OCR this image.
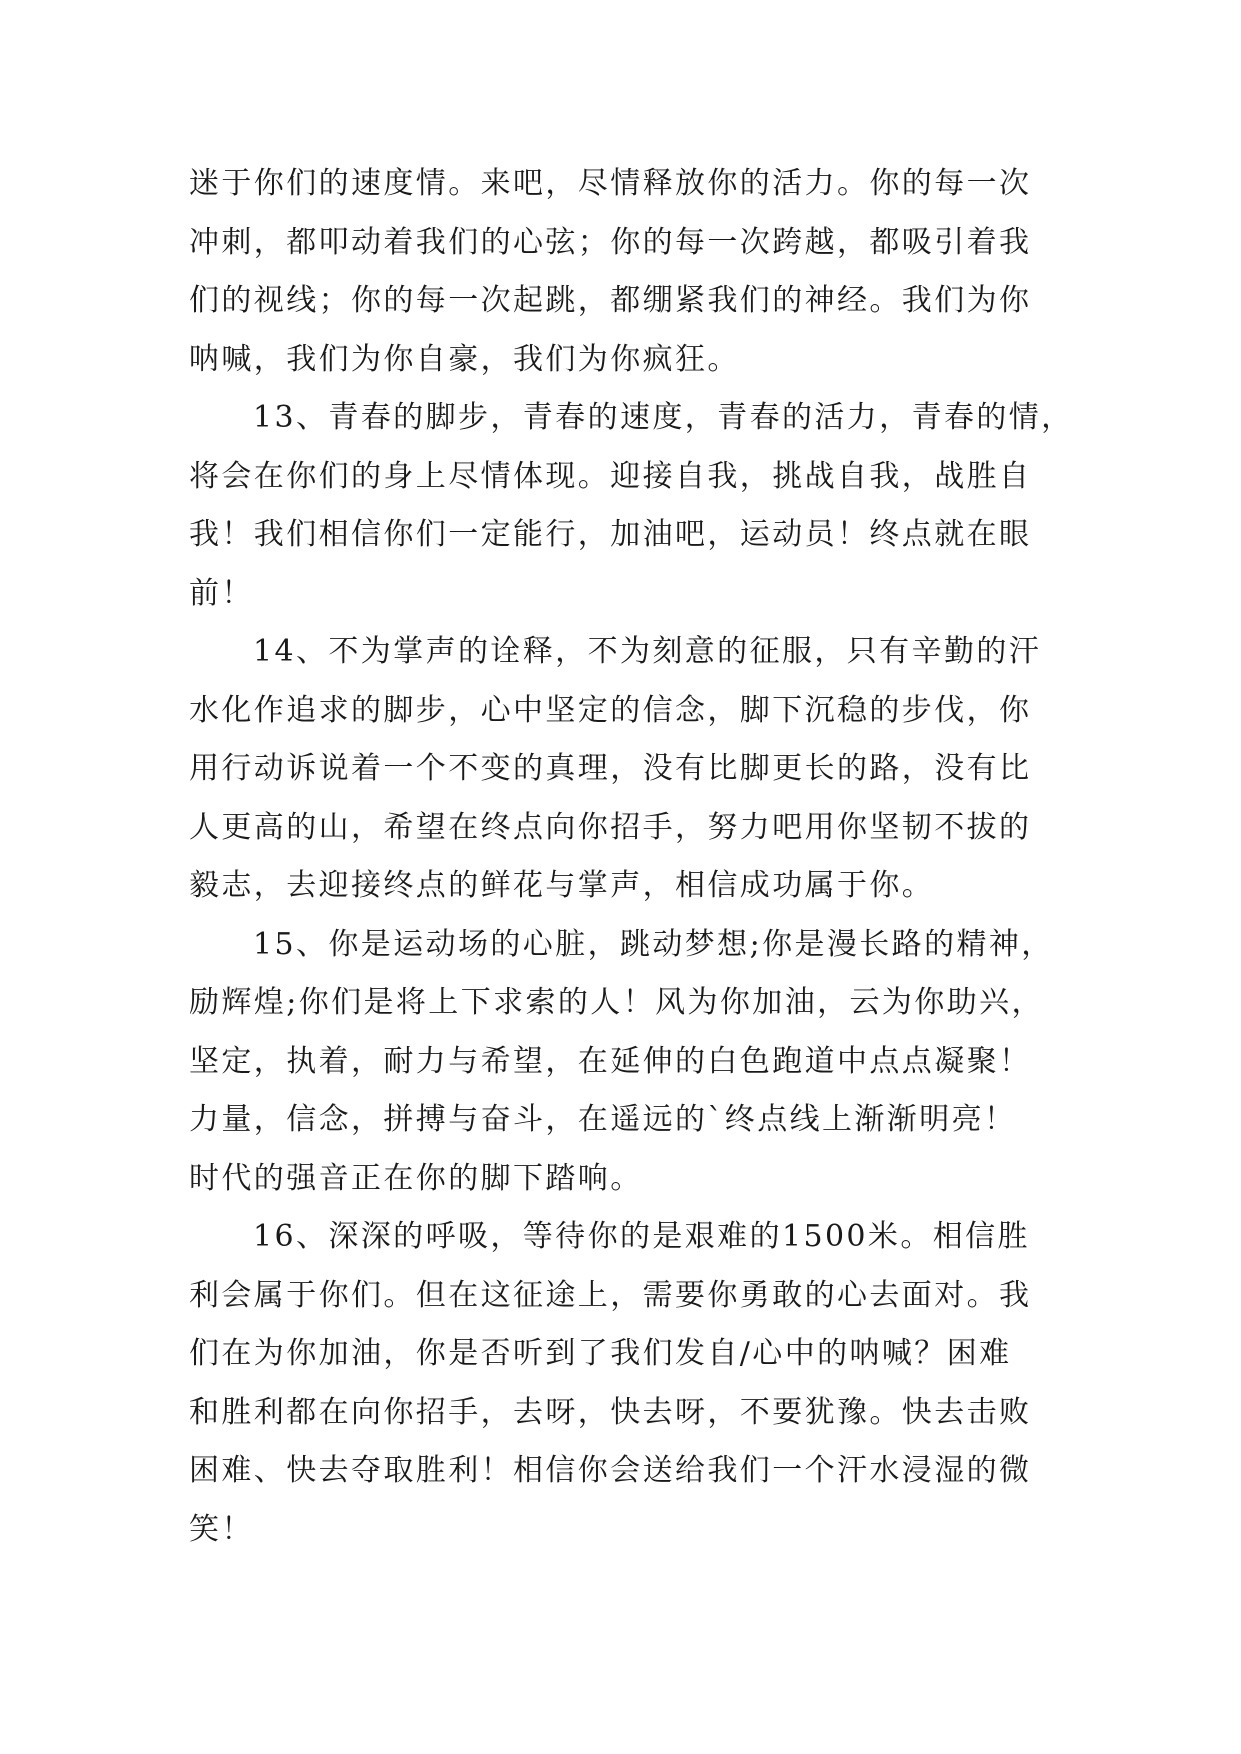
迷于你们的速度情。来吧，尽情释放你的活力。你的每一次
冲刺，都叩动着我们的心弦；你的每一次跨越，都吸引着我
们的视线；你的每一次起跳，都绷紧我们的神经。我们为你
呐喊，我们为你自豪，我们为你疯狂。

13、青春的脚步，青春的速度，青春的活力，青春的情，
将会在你们的身上尽情体现。迎接自我，挑战自我，战胜自
我！我们相信你们一定能行，加油吧，运动员！终点就在眼
前！

14、不为掌声的诠释，不为刻意的征服，只有辛勤的汗
水化作追求的脚步，心中坚定的信念，脚下沉稳的步伐，你
用行动诉说着一个不变的真理，没有比脚更长的路，没有比
人更高的山，希望在终点向你招手，努力吧用你坚韧不拔的
毅志，去迎接终点的鲜花与掌声，相信成功属于你。

15、你是运动场的心脏，跳动梦想;你是漫长路的精神，
励辉煌;你们是将上下求索的人！风为你加油，云为你助兴，
坚定，执着，耐力与希望，在延伸的白色跑道中点点凝聚！
力量，信念，拼搏与奋斗，在遥远的`终点线上渐渐明亮！
时代的强音正在你的脚下踏响。

16、深深的呼吸，等待你的是艰难的1500米。相信胜
利会属于你们。但在这征途上，需要你勇敢的心去面对。我
们在为你加油，你是否听到了我们发自/心中的呐喊？困难
和胜利都在向你招手，去呀，快去呀，不要犹豫。快去击败
困难、快去夺取胜利！相信你会送给我们一个汗水浸湿的微
笑！
